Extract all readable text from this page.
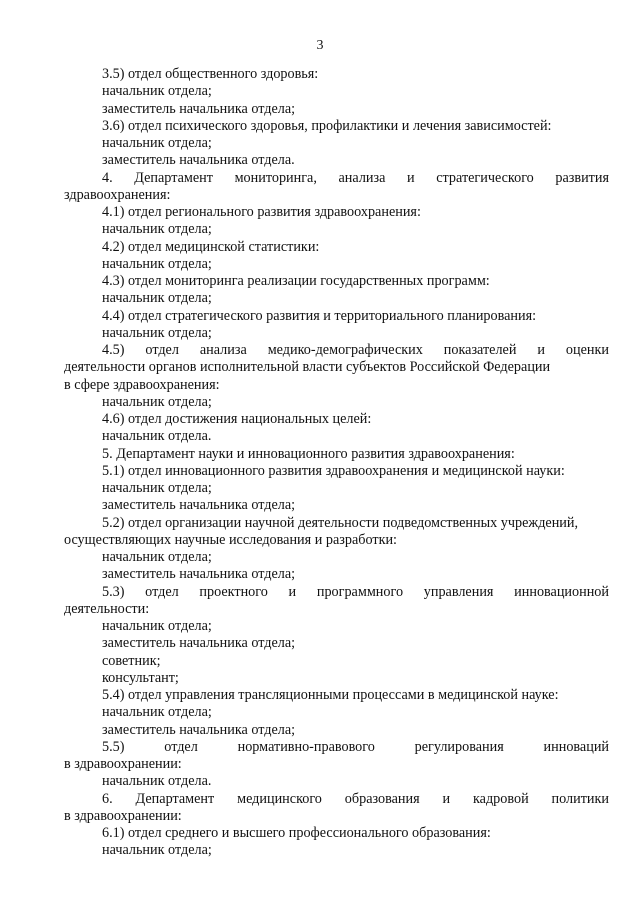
3
3.5) отдел общественного здоровья:
начальник отдела;
заместитель начальника отдела;
3.6) отдел психического здоровья, профилактики и лечения зависимостей:
начальник отдела;
заместитель начальника отдела.
4. Департамент мониторинга, анализа и стратегического развития
здравоохранения:
4.1) отдел регионального развития здравоохранения:
начальник отдела;
4.2) отдел медицинской статистики:
начальник отдела;
4.3) отдел мониторинга реализации государственных программ:
начальник отдела;
4.4) отдел стратегического развития и территориального планирования:
начальник отдела;
4.5) отдел анализа медико-демографических показателей и оценки
деятельности органов исполнительной власти субъектов Российской Федерации
в сфере здравоохранения:
начальник отдела;
4.6) отдел достижения национальных целей:
начальник отдела.
5. Департамент науки и инновационного развития здравоохранения:
5.1) отдел инновационного развития здравоохранения и медицинской науки:
начальник отдела;
заместитель начальника отдела;
5.2) отдел организации научной деятельности подведомственных учреждений,
осуществляющих научные исследования и разработки:
начальник отдела;
заместитель начальника отдела;
5.3) отдел проектного и программного управления инновационной
деятельности:
начальник отдела;
заместитель начальника отдела;
советник;
консультант;
5.4) отдел управления трансляционными процессами в медицинской науке:
начальник отдела;
заместитель начальника отдела;
5.5) отдел нормативно-правового регулирования инноваций
в здравоохранении:
начальник отдела.
6. Департамент медицинского образования и кадровой политики
в здравоохранении:
6.1) отдел среднего и высшего профессионального образования:
начальник отдела;
